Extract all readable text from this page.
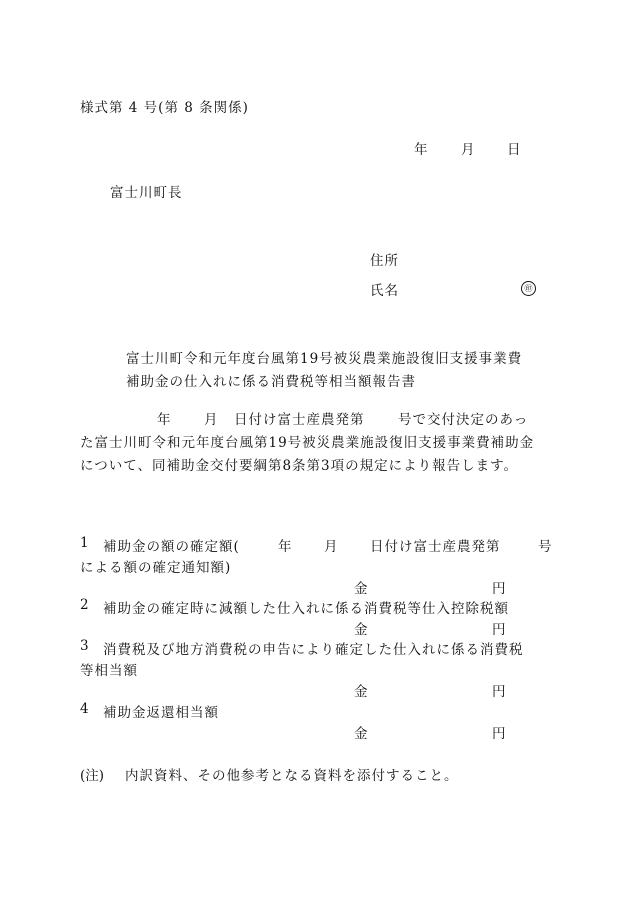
様式第 4 号(第 8 条関係)
年 月 日
富士川町長
住所
氏名	㊞
富士川町令和元年度台風第19号被災農業施設復旧支援事業費
補助金の仕入れに係る消費税等相当額報告書
年 月 日付け富士産農発第 号で交付決定のあっ
た富士川町令和元年度台風第19号被災農業施設復旧支援事業費補助金
について、同補助金交付要綱第8条第3項の規定により報告します。
1 補助金の額の確定額(	年 月 日付け富士産農発第	号
による額の確定通知額)
金	円
2 補助金の確定時に減額した仕入れに係る消費税等仕入控除税額
金	円
3 消費税及び地方消費税の申告により確定した仕入れに係る消費税
等相当額
金	円
4 補助金返還相当額
金	円
(注) 内訳資料、その他参考となる資料を添付すること。
